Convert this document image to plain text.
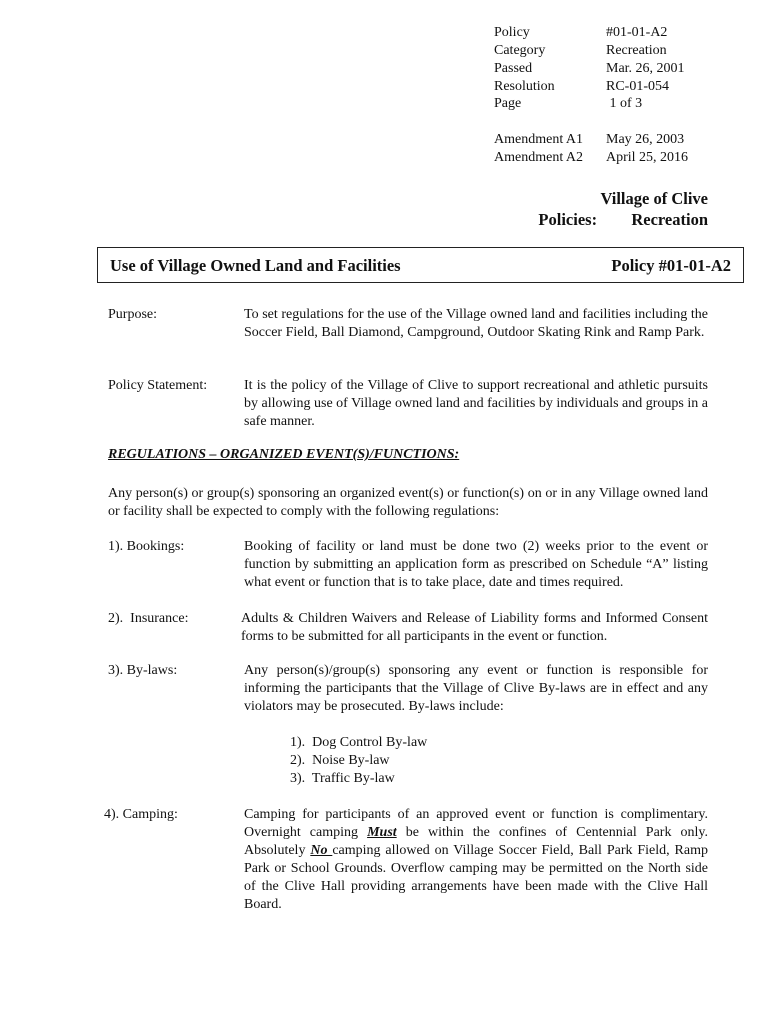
Policy	#01-01-A2
Category	Recreation
Passed	Mar. 26, 2001
Resolution	RC-01-054
Page	1 of 3
Amendment A1 May 26, 2003
Amendment A2 April 25, 2016
Village of Clive
Policies: Recreation
Use of Village Owned Land and Facilities	Policy #01-01-A2
Purpose:	To set regulations for the use of the Village owned land and facilities including the Soccer Field, Ball Diamond, Campground, Outdoor Skating Rink and Ramp Park.
Policy Statement:	It is the policy of the Village of Clive to support recreational and athletic pursuits by allowing use of Village owned land and facilities by individuals and groups in a safe manner.
REGULATIONS – ORGANIZED EVENT(S)/FUNCTIONS:
Any person(s) or group(s) sponsoring an organized event(s) or function(s) on or in any Village owned land or facility shall be expected to comply with the following regulations:
1). Bookings:	Booking of facility or land must be done two (2) weeks prior to the event or function by submitting an application form as prescribed on Schedule “A” listing what event or function that is to take place, date and times required.
2).  Insurance:	Adults & Children Waivers and Release of Liability forms and Informed Consent forms to be submitted for all participants in the event or function.
3). By-laws:	Any person(s)/group(s) sponsoring any event or function is responsible for informing the participants that the Village of Clive By-laws are in effect and any violators may be prosecuted. By-laws include:
1).  Dog Control By-law
2).  Noise By-law
3).  Traffic By-law
4). Camping:	Camping for participants of an approved event or function is complimentary. Overnight camping Must be within the confines of Centennial Park only.   Absolutely No camping allowed on Village Soccer Field, Ball Park Field, Ramp Park or School Grounds. Overflow camping may be permitted on the North side of the Clive Hall providing arrangements have been made with the Clive Hall Board.
